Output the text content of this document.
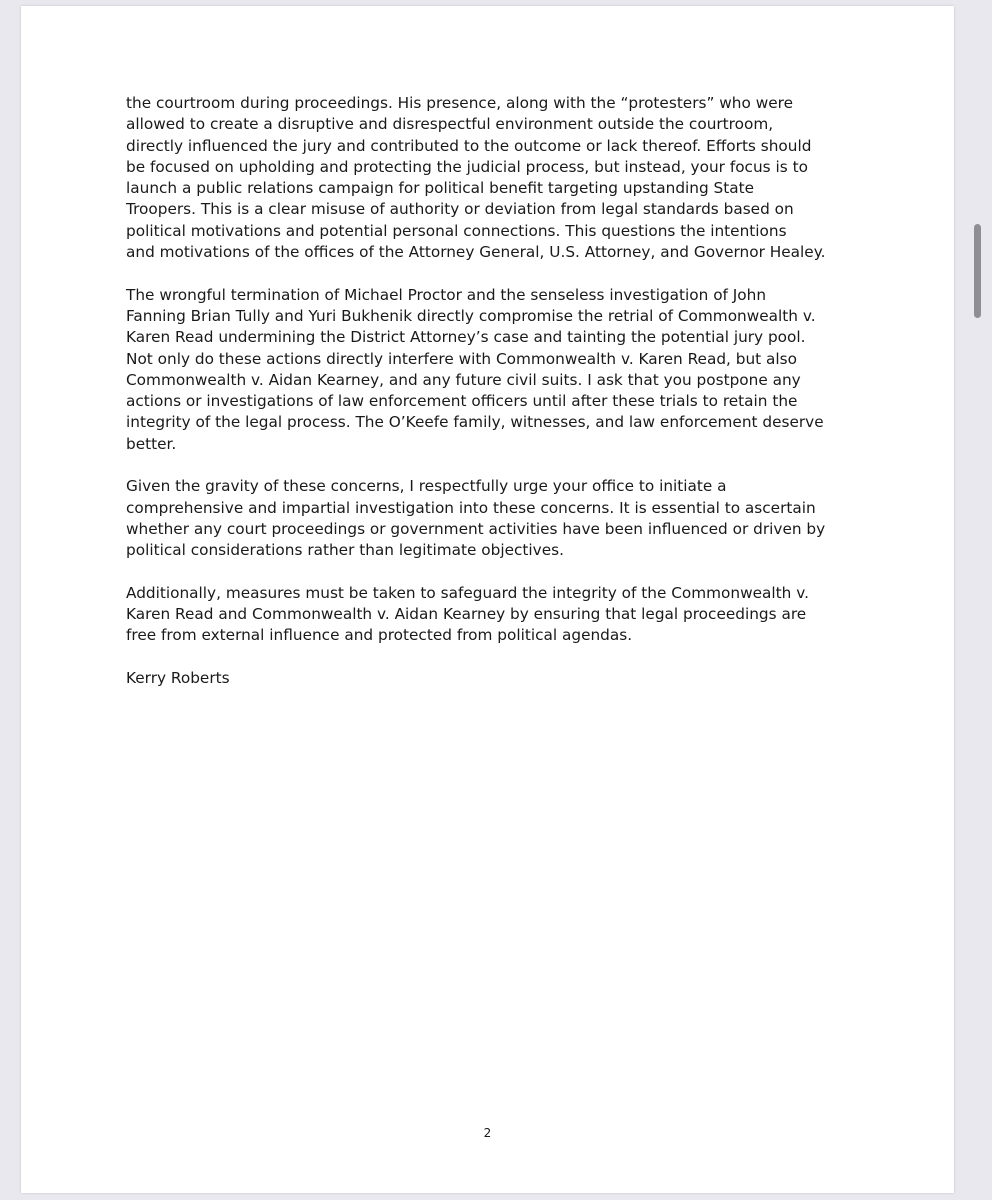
the courtroom during proceedings. His presence, along with the “protesters” who were
allowed to create a disruptive and disrespectful environment outside the courtroom,
directly influenced the jury and contributed to the outcome or lack thereof. Efforts should
be focused on upholding and protecting the judicial process, but instead, your focus is to
launch a public relations campaign for political benefit targeting upstanding State
Troopers. This is a clear misuse of authority or deviation from legal standards based on
political motivations and potential personal connections. This questions the intentions
and motivations of the offices of the Attorney General, U.S. Attorney, and Governor Healey.

The wrongful termination of Michael Proctor and the senseless investigation of John
Fanning Brian Tully and Yuri Bukhenik directly compromise the retrial of Commonwealth v.
Karen Read undermining the District Attorney’s case and tainting the potential jury pool.
Not only do these actions directly interfere with Commonwealth v. Karen Read, but also
Commonwealth v. Aidan Kearney, and any future civil suits. I ask that you postpone any
actions or investigations of law enforcement officers until after these trials to retain the
integrity of the legal process. The O’Keefe family, witnesses, and law enforcement deserve
better.

Given the gravity of these concerns, I respectfully urge your office to initiate a
comprehensive and impartial investigation into these concerns. It is essential to ascertain
whether any court proceedings or government activities have been influenced or driven by
political considerations rather than legitimate objectives.

Additionally, measures must be taken to safeguard the integrity of the Commonwealth v.
Karen Read and Commonwealth v. Aidan Kearney by ensuring that legal proceedings are
free from external influence and protected from political agendas.

Kerry Roberts

2
